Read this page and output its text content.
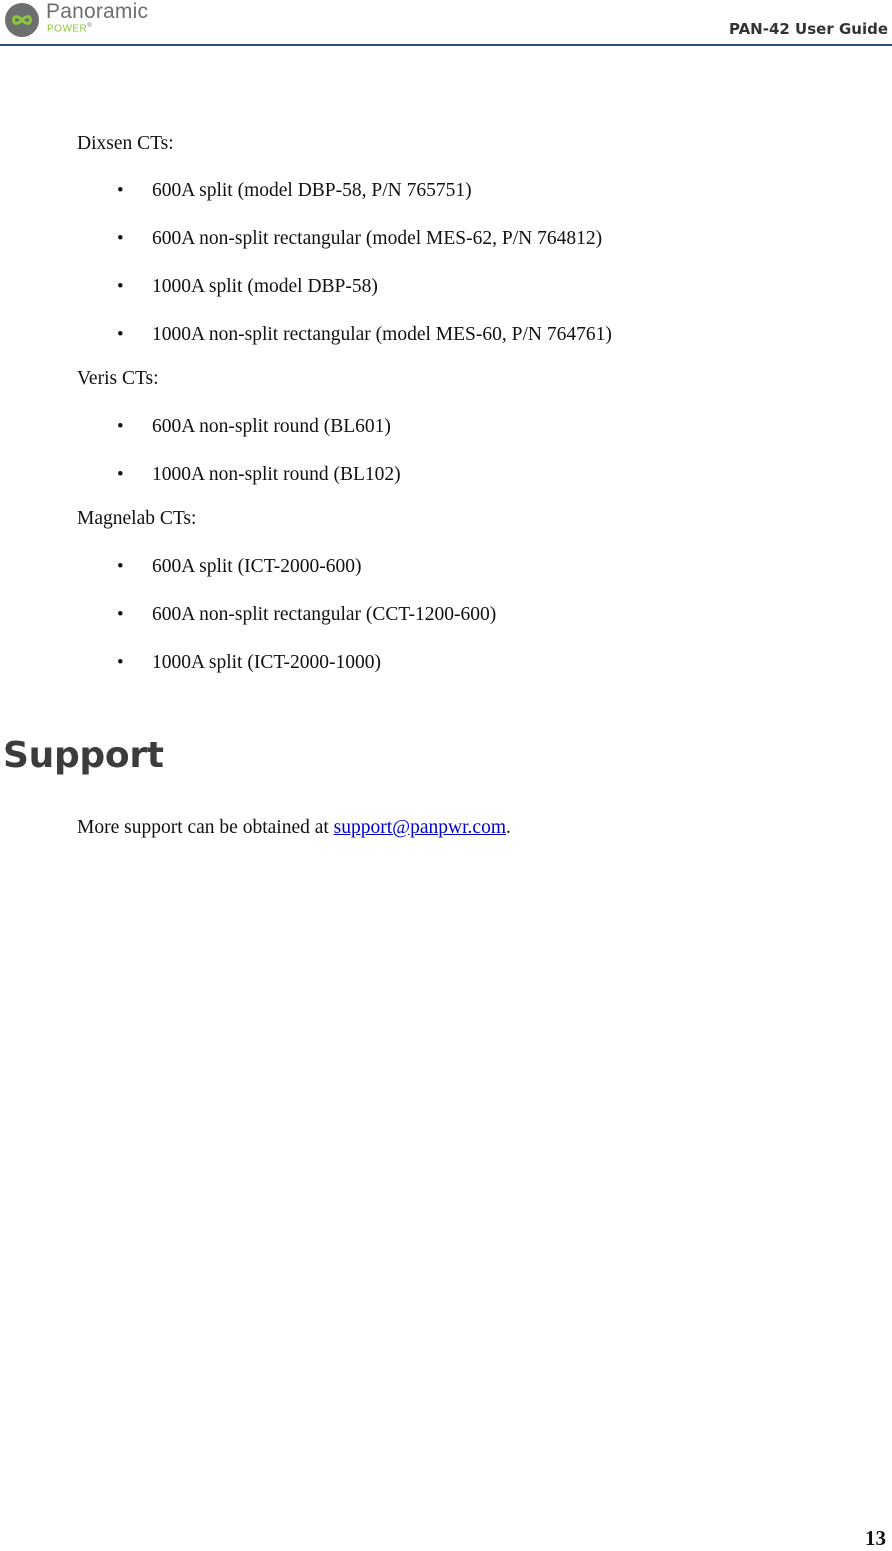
Panoramic
POWER®	PAN-42 User Guide

Dixsen CTs:

• 600A split (model DBP-58, P/N 765751)
• 600A non-split rectangular (model MES-62, P/N 764812)
• 1000A split (model DBP-58)
• 1000A non-split rectangular (model MES-60, P/N 764761)

Veris CTs:

• 600A non-split round (BL601)
• 1000A non-split round (BL102)

Magnelab CTs:

• 600A split (ICT-2000-600)
• 600A non-split rectangular (CCT-1200-600)
• 1000A split (ICT-2000-1000)
Support

More support can be obtained at support@panpwr.com.

13
